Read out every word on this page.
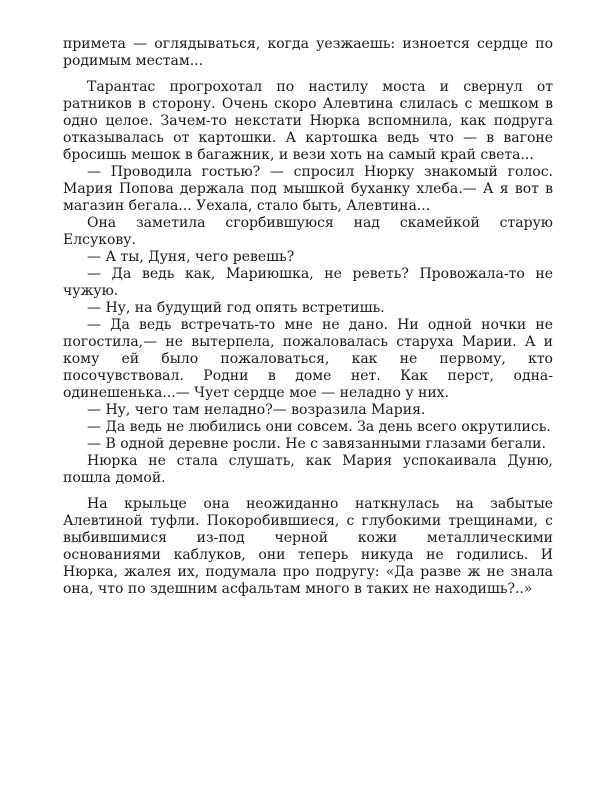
примета — оглядываться, когда уезжаешь: изноется сердце по родимым местам...

Тарантас прогрохотал по настилу моста и свернул от ратников в сторону. Очень скоро Алевтина слилась с мешком в одно целое. Зачем-то некстати Нюрка вспомнила, как подруга отказывалась от картошки. А картошка ведь что — в вагоне бросишь мешок в багажник, и вези хоть на самый край света...

— Проводила гостью? — спросил Нюрку знакомый голос. Мария Попова держала под мышкой буханку хлеба.— А я вот в магазин бегала... Уехала, стало быть, Алевтина...

Она заметила сгорбившуюся над скамейкой старую Елсукову.

— А ты, Дуня, чего ревешь?

— Да ведь как, Мариюшка, не реветь? Провожала-то не чужую.

— Ну, на будущий год опять встретишь.

— Да ведь встречать-то мне не дано. Ни одной ночки не погостила,— не вытерпела, пожаловалась старуха Марии. А и кому ей было пожаловаться, как не первому, кто посочувствовал. Родни в доме нет. Как перст, одна-одинешенька...— Чует сердце мое — неладно у них.

— Ну, чего там неладно?— возразила Мария.

— Да ведь не любились они совсем. За день всего окрутились.

— В одной деревне росли. Не с завязанными глазами бегали.

Нюрка не стала слушать, как Мария успокаивала Дуню, пошла домой.

На крыльце она неожиданно наткнулась на забытые Алевтиной туфли. Покоробившиеся, с глубокими трещинами, с выбившимися из-под черной кожи металлическими основаниями каблуков, они теперь никуда не годились. И Нюрка, жалея их, подумала про подругу: «Да разве ж не знала она, что по здешним асфальтам много в таких не находишь?..»
